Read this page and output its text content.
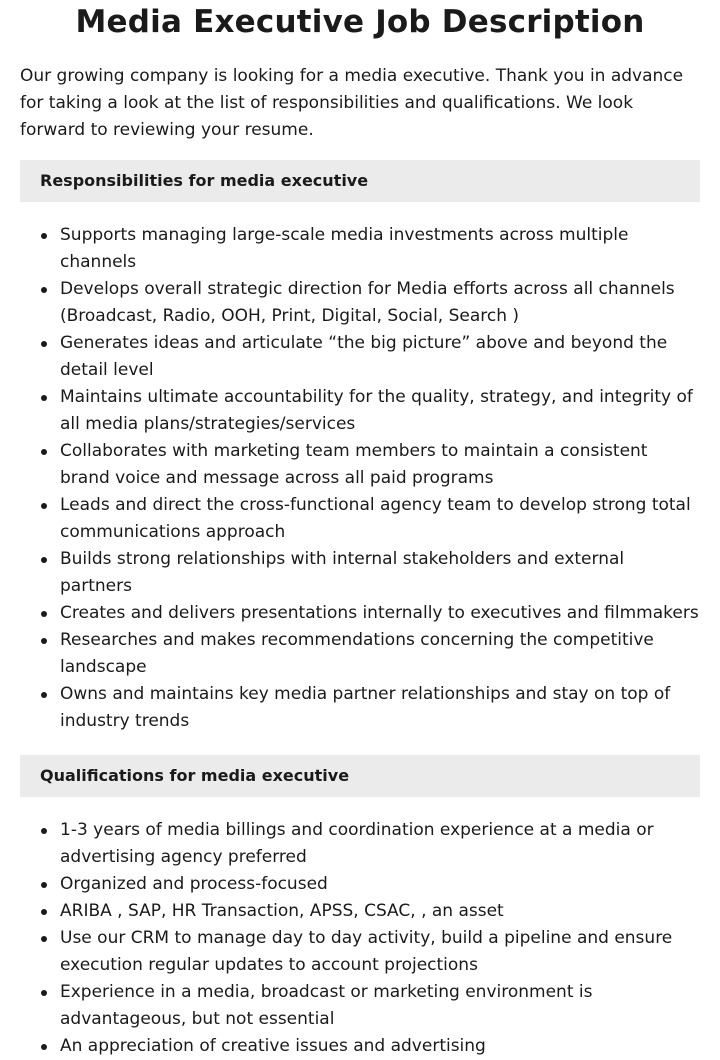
Media Executive Job Description

Our growing company is looking for a media executive. Thank you in advance for taking a look at the list of responsibilities and qualifications. We look forward to reviewing your resume.

Responsibilities for media executive
Supports managing large-scale media investments across multiple channels
Develops overall strategic direction for Media efforts across all channels (Broadcast, Radio, OOH, Print, Digital, Social, Search )
Generates ideas and articulate “the big picture” above and beyond the detail level
Maintains ultimate accountability for the quality, strategy, and integrity of all media plans/strategies/services
Collaborates with marketing team members to maintain a consistent brand voice and message across all paid programs
Leads and direct the cross-functional agency team to develop strong total communications approach
Builds strong relationships with internal stakeholders and external partners
Creates and delivers presentations internally to executives and filmmakers
Researches and makes recommendations concerning the competitive landscape
Owns and maintains key media partner relationships and stay on top of industry trends
Qualifications for media executive
1-3 years of media billings and coordination experience at a media or advertising agency preferred
Organized and process-focused
ARIBA , SAP, HR Transaction, APSS, CSAC, , an asset
Use our CRM to manage day to day activity, build a pipeline and ensure execution regular updates to account projections
Experience in a media, broadcast or marketing environment is advantageous, but not essential
An appreciation of creative issues and advertising
